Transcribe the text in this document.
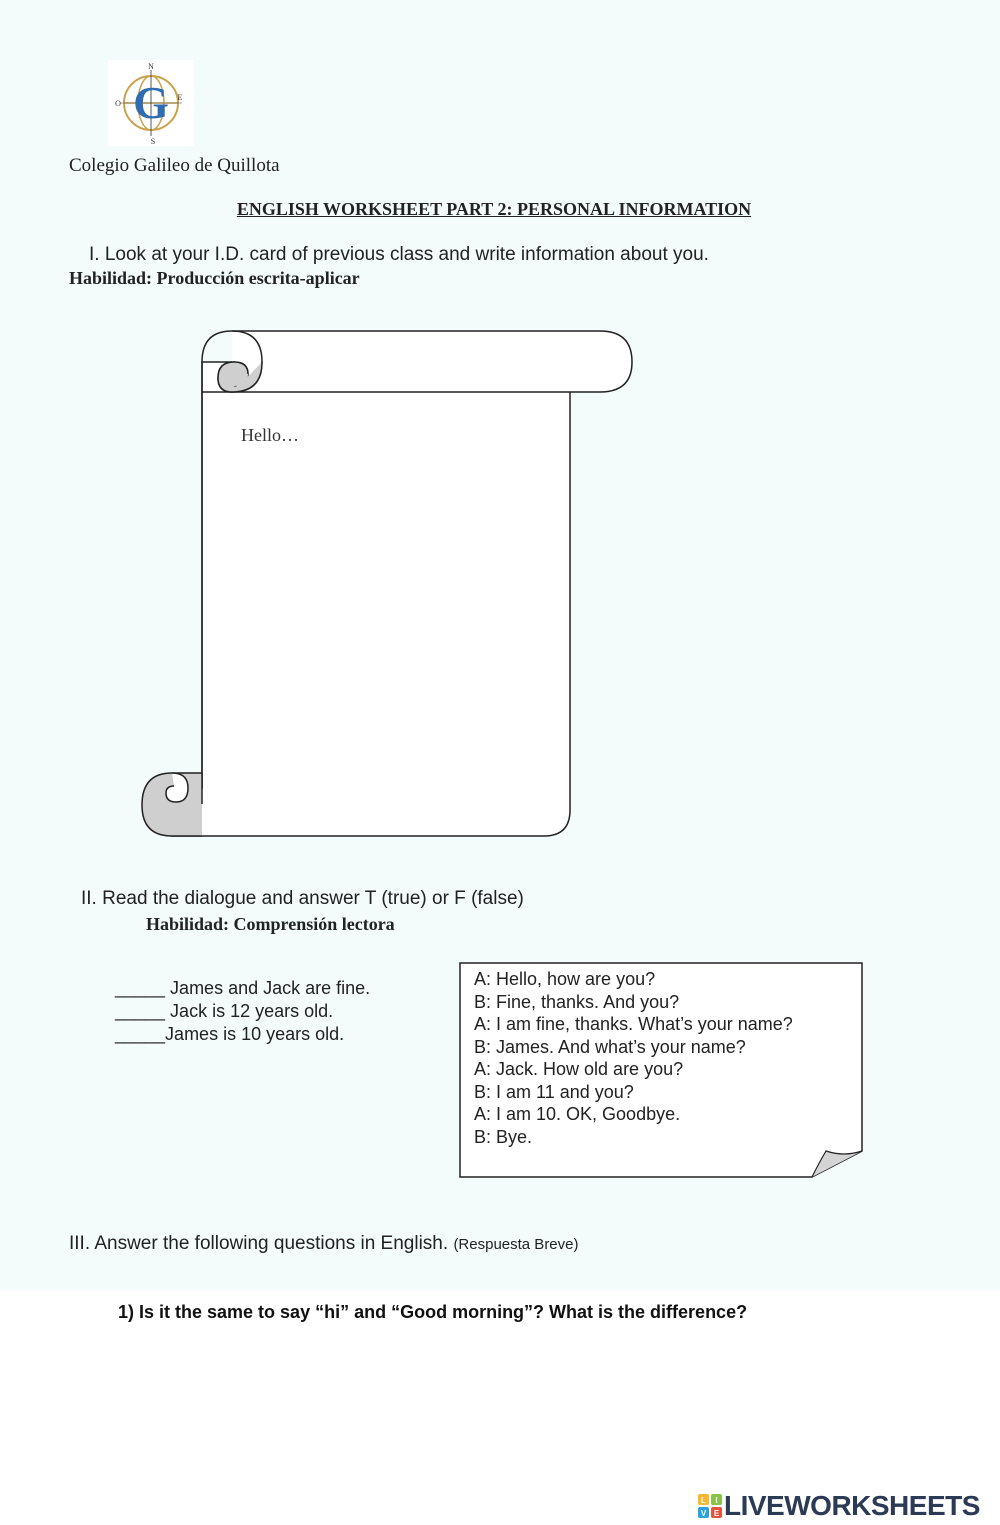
G
N
E
S
O
Colegio Galileo de Quillota
ENGLISH WORKSHEET PART 2: PERSONAL INFORMATION
I. Look at your I.D. card of previous class and write information about you.
Habilidad: Producción escrita-aplicar
Hello…
II. Read the dialogue and answer T (true) or F (false)
Habilidad: Comprensión lectora
_____ James and Jack are fine.
_____ Jack is 12 years old.
_____James is 10 years old.
A: Hello, how are you?
B: Fine, thanks. And you?
A: I am fine, thanks. What’s your name?
B: James. And what’s your name?
A: Jack. How old are you?
B: I am 11 and you?
A: I am 10. OK, Goodbye.
B: Bye.
III. Answer the following questions in English. (Respuesta Breve)
1) Is it the same to say “hi” and “Good morning”? What is the difference?
L I
V E LIVEWORKSHEETS
